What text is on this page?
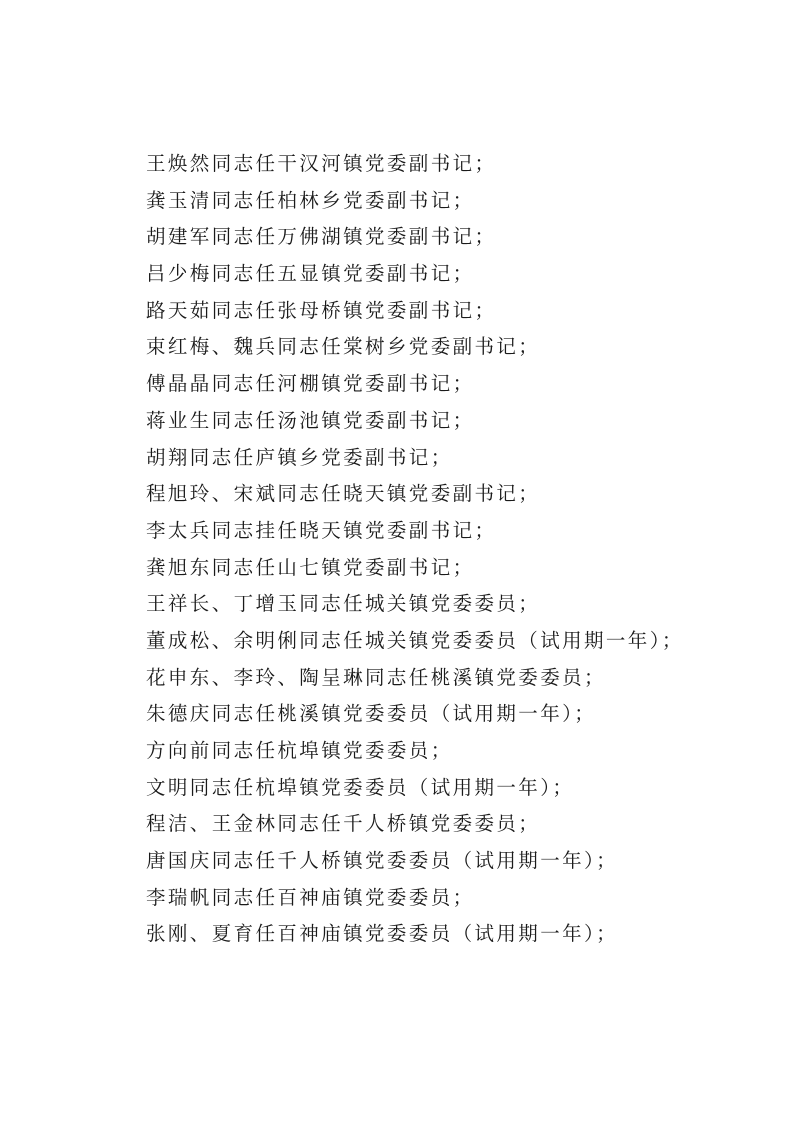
王焕然同志任干汉河镇党委副书记；
龚玉清同志任柏林乡党委副书记；
胡建军同志任万佛湖镇党委副书记；
吕少梅同志任五显镇党委副书记；
路天茹同志任张母桥镇党委副书记；
束红梅、魏兵同志任棠树乡党委副书记；
傅晶晶同志任河棚镇党委副书记；
蒋业生同志任汤池镇党委副书记；
胡翔同志任庐镇乡党委副书记；
程旭玲、宋斌同志任晓天镇党委副书记；
李太兵同志挂任晓天镇党委副书记；
龚旭东同志任山七镇党委副书记；
王祥长、丁增玉同志任城关镇党委委员；
董成松、余明俐同志任城关镇党委委员（试用期一年）；
花申东、李玲、陶呈琳同志任桃溪镇党委委员；
朱德庆同志任桃溪镇党委委员（试用期一年）；
方向前同志任杭埠镇党委委员；
文明同志任杭埠镇党委委员（试用期一年）；
程洁、王金林同志任千人桥镇党委委员；
唐国庆同志任千人桥镇党委委员（试用期一年）；
李瑞帆同志任百神庙镇党委委员；
张刚、夏育任百神庙镇党委委员（试用期一年）；
